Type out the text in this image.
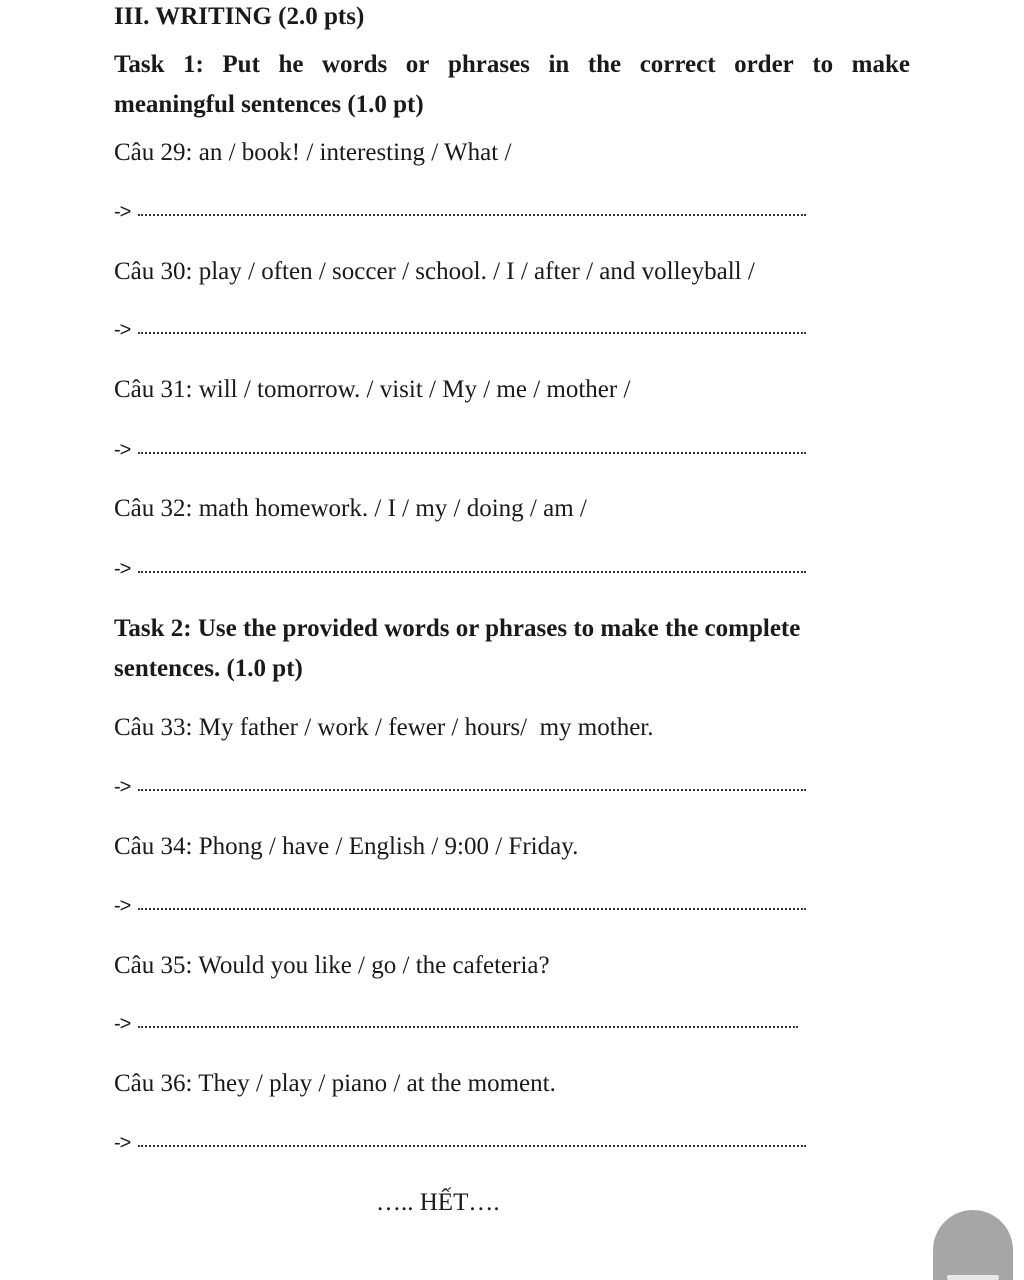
III. WRITING (2.0 pts)
Task 1: Put he words or phrases in the correct order to make
meaningful sentences (1.0 pt)
Câu 29: an / book! / interesting / What /
->
Câu 30: play / often / soccer / school. / I / after / and volleyball /
->
Câu 31: will / tomorrow. / visit / My / me / mother /
->
Câu 32: math homework. / I / my / doing / am /
->
Task 2: Use the provided words or phrases to make the complete
sentences. (1.0 pt)
Câu 33: My father / work / fewer / hours/  my mother.
->
Câu 34: Phong / have / English / 9:00 / Friday.
->
Câu 35: Would you like / go / the cafeteria?
->
Câu 36: They / play / piano / at the moment.
->
….. HẾT….
